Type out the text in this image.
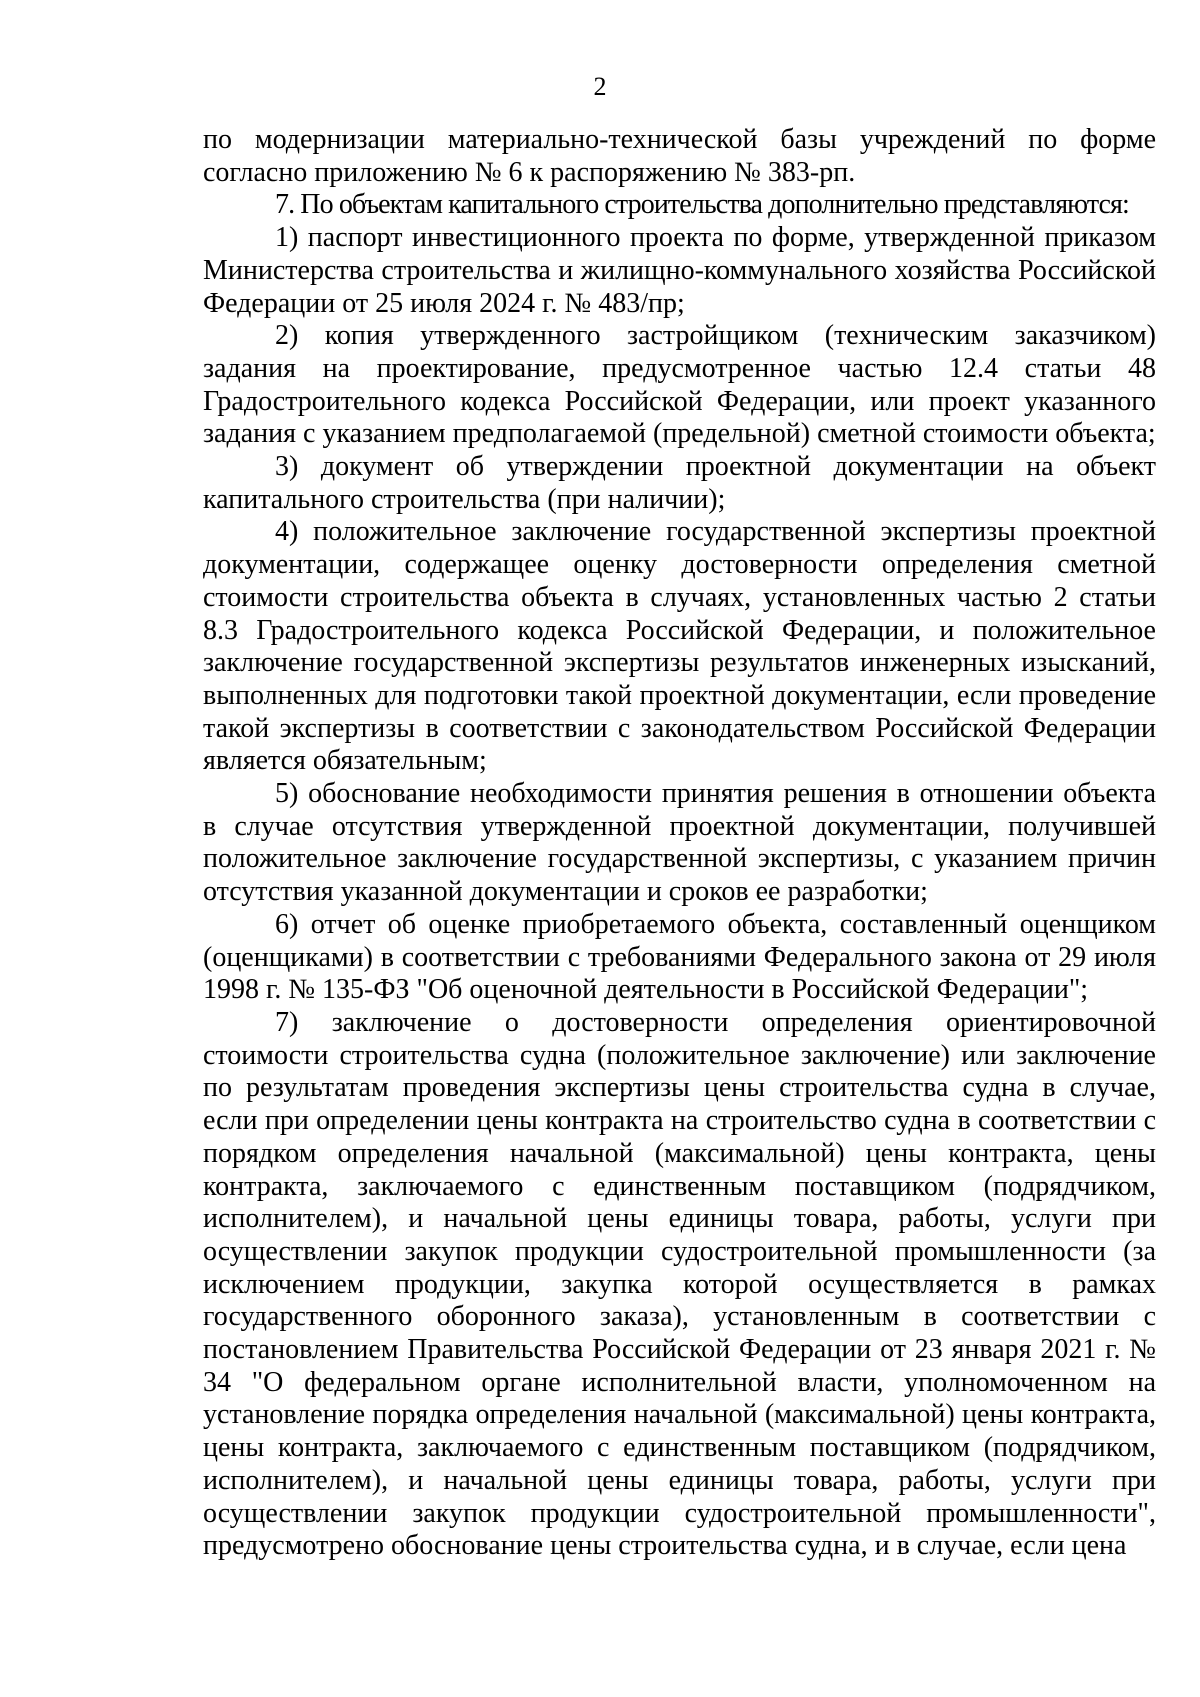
2

по модернизации материально-технической базы учреждений по форме согласно приложению № 6 к распоряжению № 383-рп.

7. По объектам капитального строительства дополнительно представляются:

1) паспорт инвестиционного проекта по форме, утвержденной приказом Министерства строительства и жилищно-коммунального хозяйства Российской Федерации от 25 июля 2024 г. № 483/пр;

2) копия утвержденного застройщиком (техническим заказчиком) задания на проектирование, предусмотренное частью 12.4 статьи 48 Градостроительного кодекса Российской Федерации, или проект указанного задания с указанием предполагаемой (предельной) сметной стоимости объекта;

3) документ об утверждении проектной документации на объект капитального строительства (при наличии);

4) положительное заключение государственной экспертизы проектной документации, содержащее оценку достоверности определения сметной стоимости строительства объекта в случаях, установленных частью 2 статьи 8.3 Градостроительного кодекса Российской Федерации, и положительное заключение государственной экспертизы результатов инженерных изысканий, выполненных для подготовки такой проектной документации, если проведение такой экспертизы в соответствии с законодательством Российской Федерации является обязательным;

5) обоснование необходимости принятия решения в отношении объекта в случае отсутствия утвержденной проектной документации, получившей положительное заключение государственной экспертизы, с указанием причин отсутствия указанной документации и сроков ее разработки;

6) отчет об оценке приобретаемого объекта, составленный оценщиком (оценщиками) в соответствии с требованиями Федерального закона от 29 июля 1998 г. № 135-ФЗ "Об оценочной деятельности в Российской Федерации";

7) заключение о достоверности определения ориентировочной стоимости строительства судна (положительное заключение) или заключение по результатам проведения экспертизы цены строительства судна в случае, если при определении цены контракта на строительство судна в соответствии с порядком определения начальной (максимальной) цены контракта, цены контракта, заключаемого с единственным поставщиком (подрядчиком, исполнителем), и начальной цены единицы товара, работы, услуги при осуществлении закупок продукции судостроительной промышленности (за исключением продукции, закупка которой осуществляется в рамках государственного оборонного заказа), установленным в соответствии с постановлением Правительства Российской Федерации от 23 января 2021 г. № 34 "О федеральном органе исполнительной власти, уполномоченном на установление порядка определения начальной (максимальной) цены контракта, цены контракта, заключаемого с единственным поставщиком (подрядчиком, исполнителем), и начальной цены единицы товара, работы, услуги при осуществлении закупок продукции судостроительной промышленности", предусмотрено обоснование цены строительства судна, и в случае, если цена
